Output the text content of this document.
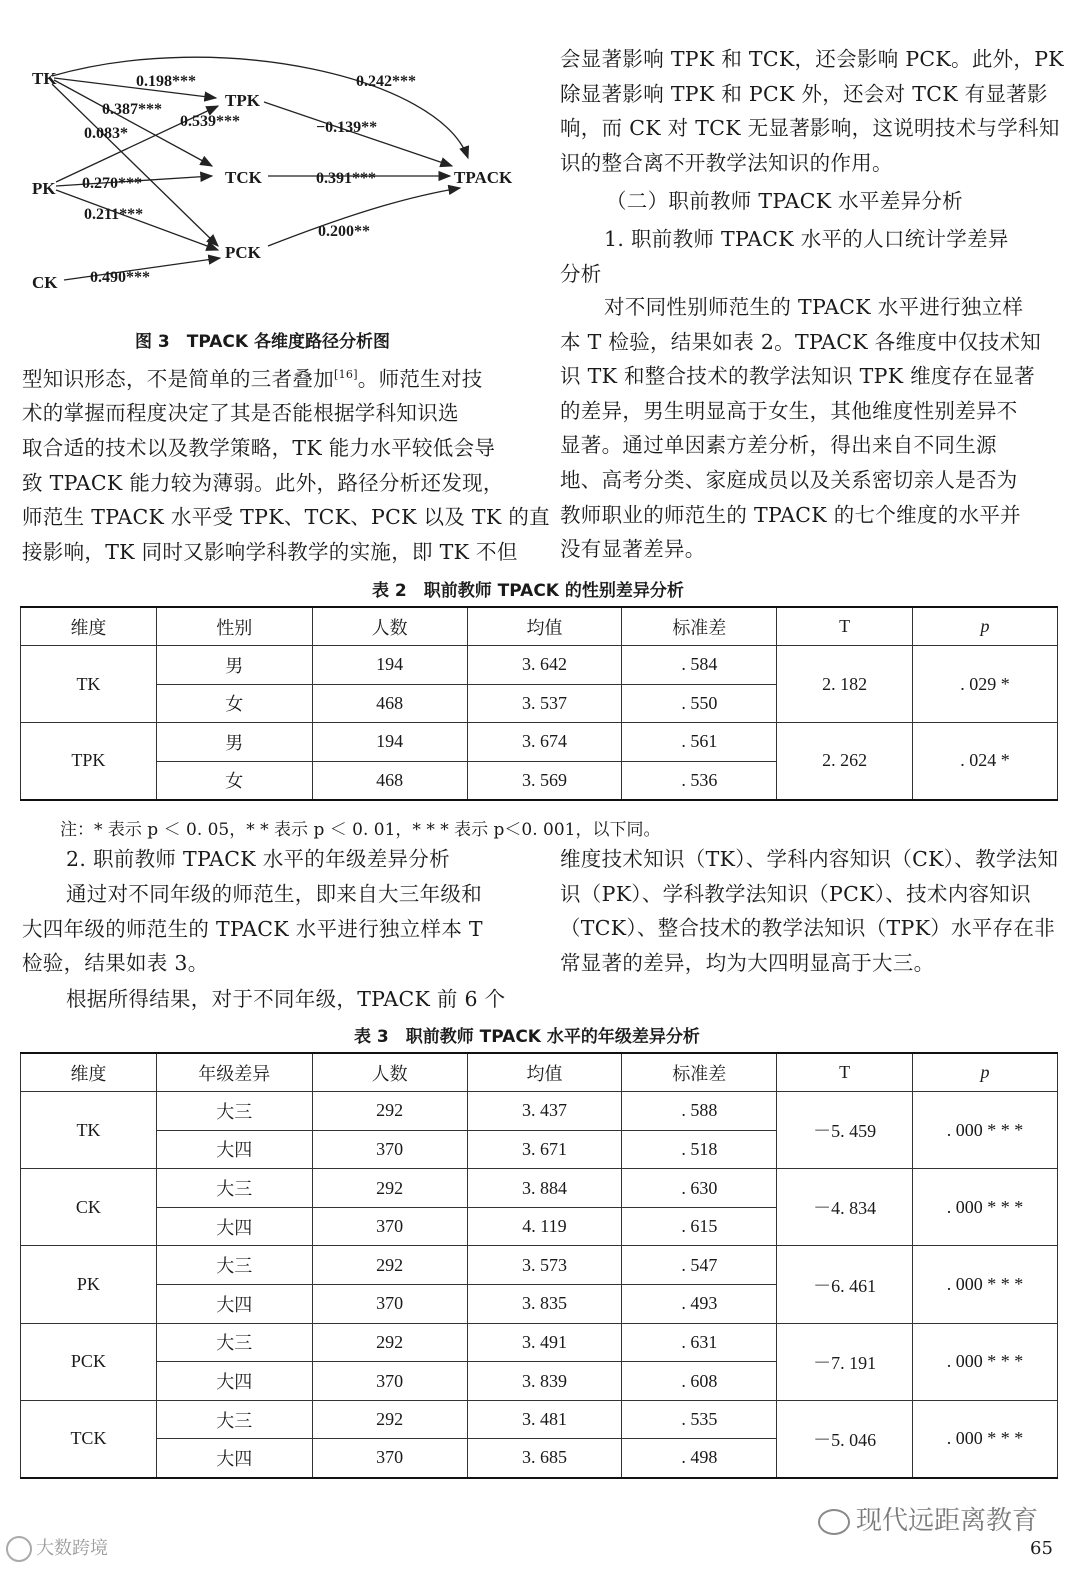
TK
PK
CK
TPK
TCK
PCK
TPACK
0.198***	0.242***
0.387***
0.539***
0.083*	−0.139**
0.270***	0.391***
0.211***
0.200**
0.490***
图 3　TPACK 各维度路径分析图
会显著影响 TPK 和 TCK，还会影响 PCK。此外，PK
除显著影响 TPK 和 PCK 外，还会对 TCK 有显著影
响，而 CK 对 TCK 无显著影响，这说明技术与学科知
识的整合离不开教学法知识的作用。
（二）职前教师 TPACK 水平差异分析
1. 职前教师 TPACK 水平的人口统计学差异
分析
对不同性别师范生的 TPACK 水平进行独立样
本 T 检验，结果如表 2。TPACK 各维度中仅技术知
识 TK 和整合技术的教学法知识 TPK 维度存在显著
的差异，男生明显高于女生，其他维度性别差异不
显著。通过单因素方差分析，得出来自不同生源
地、高考分类、家庭成员以及关系密切亲人是否为
教师职业的师范生的 TPACK 的七个维度的水平并
没有显著差异。
型知识形态，不是简单的三者叠加[16]。师范生对技
术的掌握而程度决定了其是否能根据学科知识选
取合适的技术以及教学策略，TK 能力水平较低会导
致 TPACK 能力较为薄弱。此外，路径分析还发现，
师范生 TPACK 水平受 TPK、TCK、PCK 以及 TK 的直
接影响，TK 同时又影响学科教学的实施，即 TK 不但
表 2　职前教师 TPACK 的性别差异分析
维度	性别	人数	均值	标准差	T	p
TK	男	194	3. 642	. 584	2. 182	. 029 *
	女	468	3. 537	. 550		
TPK	男	194	3. 674	. 561	2. 262	. 024 *
	女	468	3. 569	. 536		
注：* 表示 p ＜ 0. 05，* * 表示 p ＜ 0. 01，* * * 表示 p＜0. 001，以下同。
2. 职前教师 TPACK 水平的年级差异分析
通过对不同年级的师范生，即来自大三年级和
大四年级的师范生的 TPACK 水平进行独立样本 T
检验，结果如表 3。
根据所得结果，对于不同年级，TPACK 前 6 个
维度技术知识（TK）、学科内容知识（CK）、教学法知
识（PK）、学科教学法知识（PCK）、技术内容知识
（TCK）、整合技术的教学法知识（TPK）水平存在非
常显著的差异，均为大四明显高于大三。
表 3　职前教师 TPACK 水平的年级差异分析
维度	年级差异	人数	均值	标准差	T	p
TK	大三	292	3. 437	. 588	－5. 459	. 000 * * *
	大四	370	3. 671	. 518		
CK	大三	292	3. 884	. 630	－4. 834	. 000 * * *
	大四	370	4. 119	. 615		
PK	大三	292	3. 573	. 547	－6. 461	. 000 * * *
	大四	370	3. 835	. 493		
PCK	大三	292	3. 491	. 631	－7. 191	. 000 * * *
	大四	370	3. 839	. 608		
TCK	大三	292	3. 481	. 535	－5. 046	. 000 * * *
	大四	370	3. 685	. 498		
大数跨境
现代远距离教育
65
